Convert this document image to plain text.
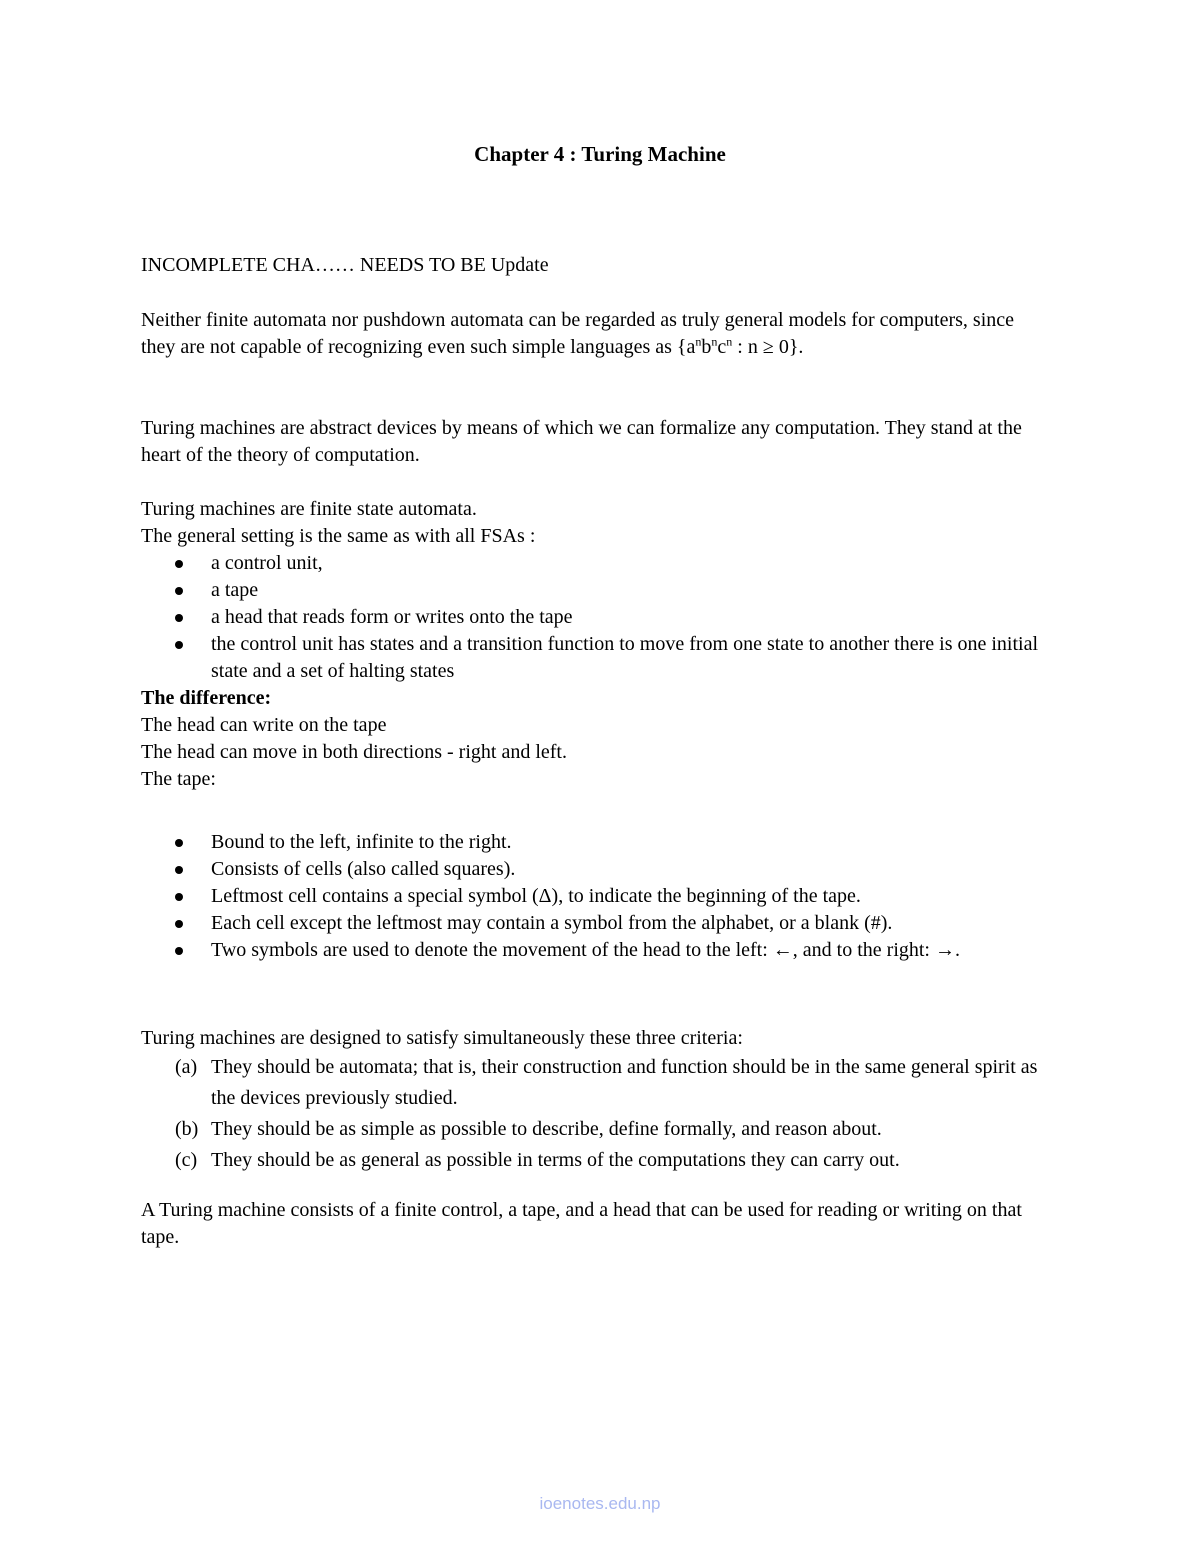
Chapter 4 : Turing Machine

INCOMPLETE CHA…… NEEDS TO BE Update

Neither finite automata nor pushdown automata can be regarded as truly general models for computers, since they are not capable of recognizing even such simple languages as {$a^nb^nc^n$ : n ≥ 0}.

Turing machines are abstract devices by means of which we can formalize any computation. They stand at the heart of the theory of computation.

Turing machines are finite state automata.

The general setting is the same as with all FSAs :

a control unit,
a tape
a head that reads form or writes onto the tape
the control unit has states and a transition function to move from one state to another there is one initial state and a set of halting states

The difference:

The head can write on the tape

The head can move in both directions - right and left.

The tape:

Bound to the left, infinite to the right.
Consists of cells (also called squares).
Leftmost cell contains a special symbol (Δ), to indicate the beginning of the tape.
Each cell except the leftmost may contain a symbol from the alphabet, or a blank (#).
Two symbols are used to denote the movement of the head to the left: ←, and to the right: →.

Turing machines are designed to satisfy simultaneously these three criteria:

(a) They should be automata; that is, their construction and function should be in the same general spirit as the devices previously studied.
(b) They should be as simple as possible to describe, define formally, and reason about.
(c) They should be as general as possible in terms of the computations they can carry out.

A Turing machine consists of a finite control, a tape, and a head that can be used for reading or writing on that tape.

ioenotes.edu.np
